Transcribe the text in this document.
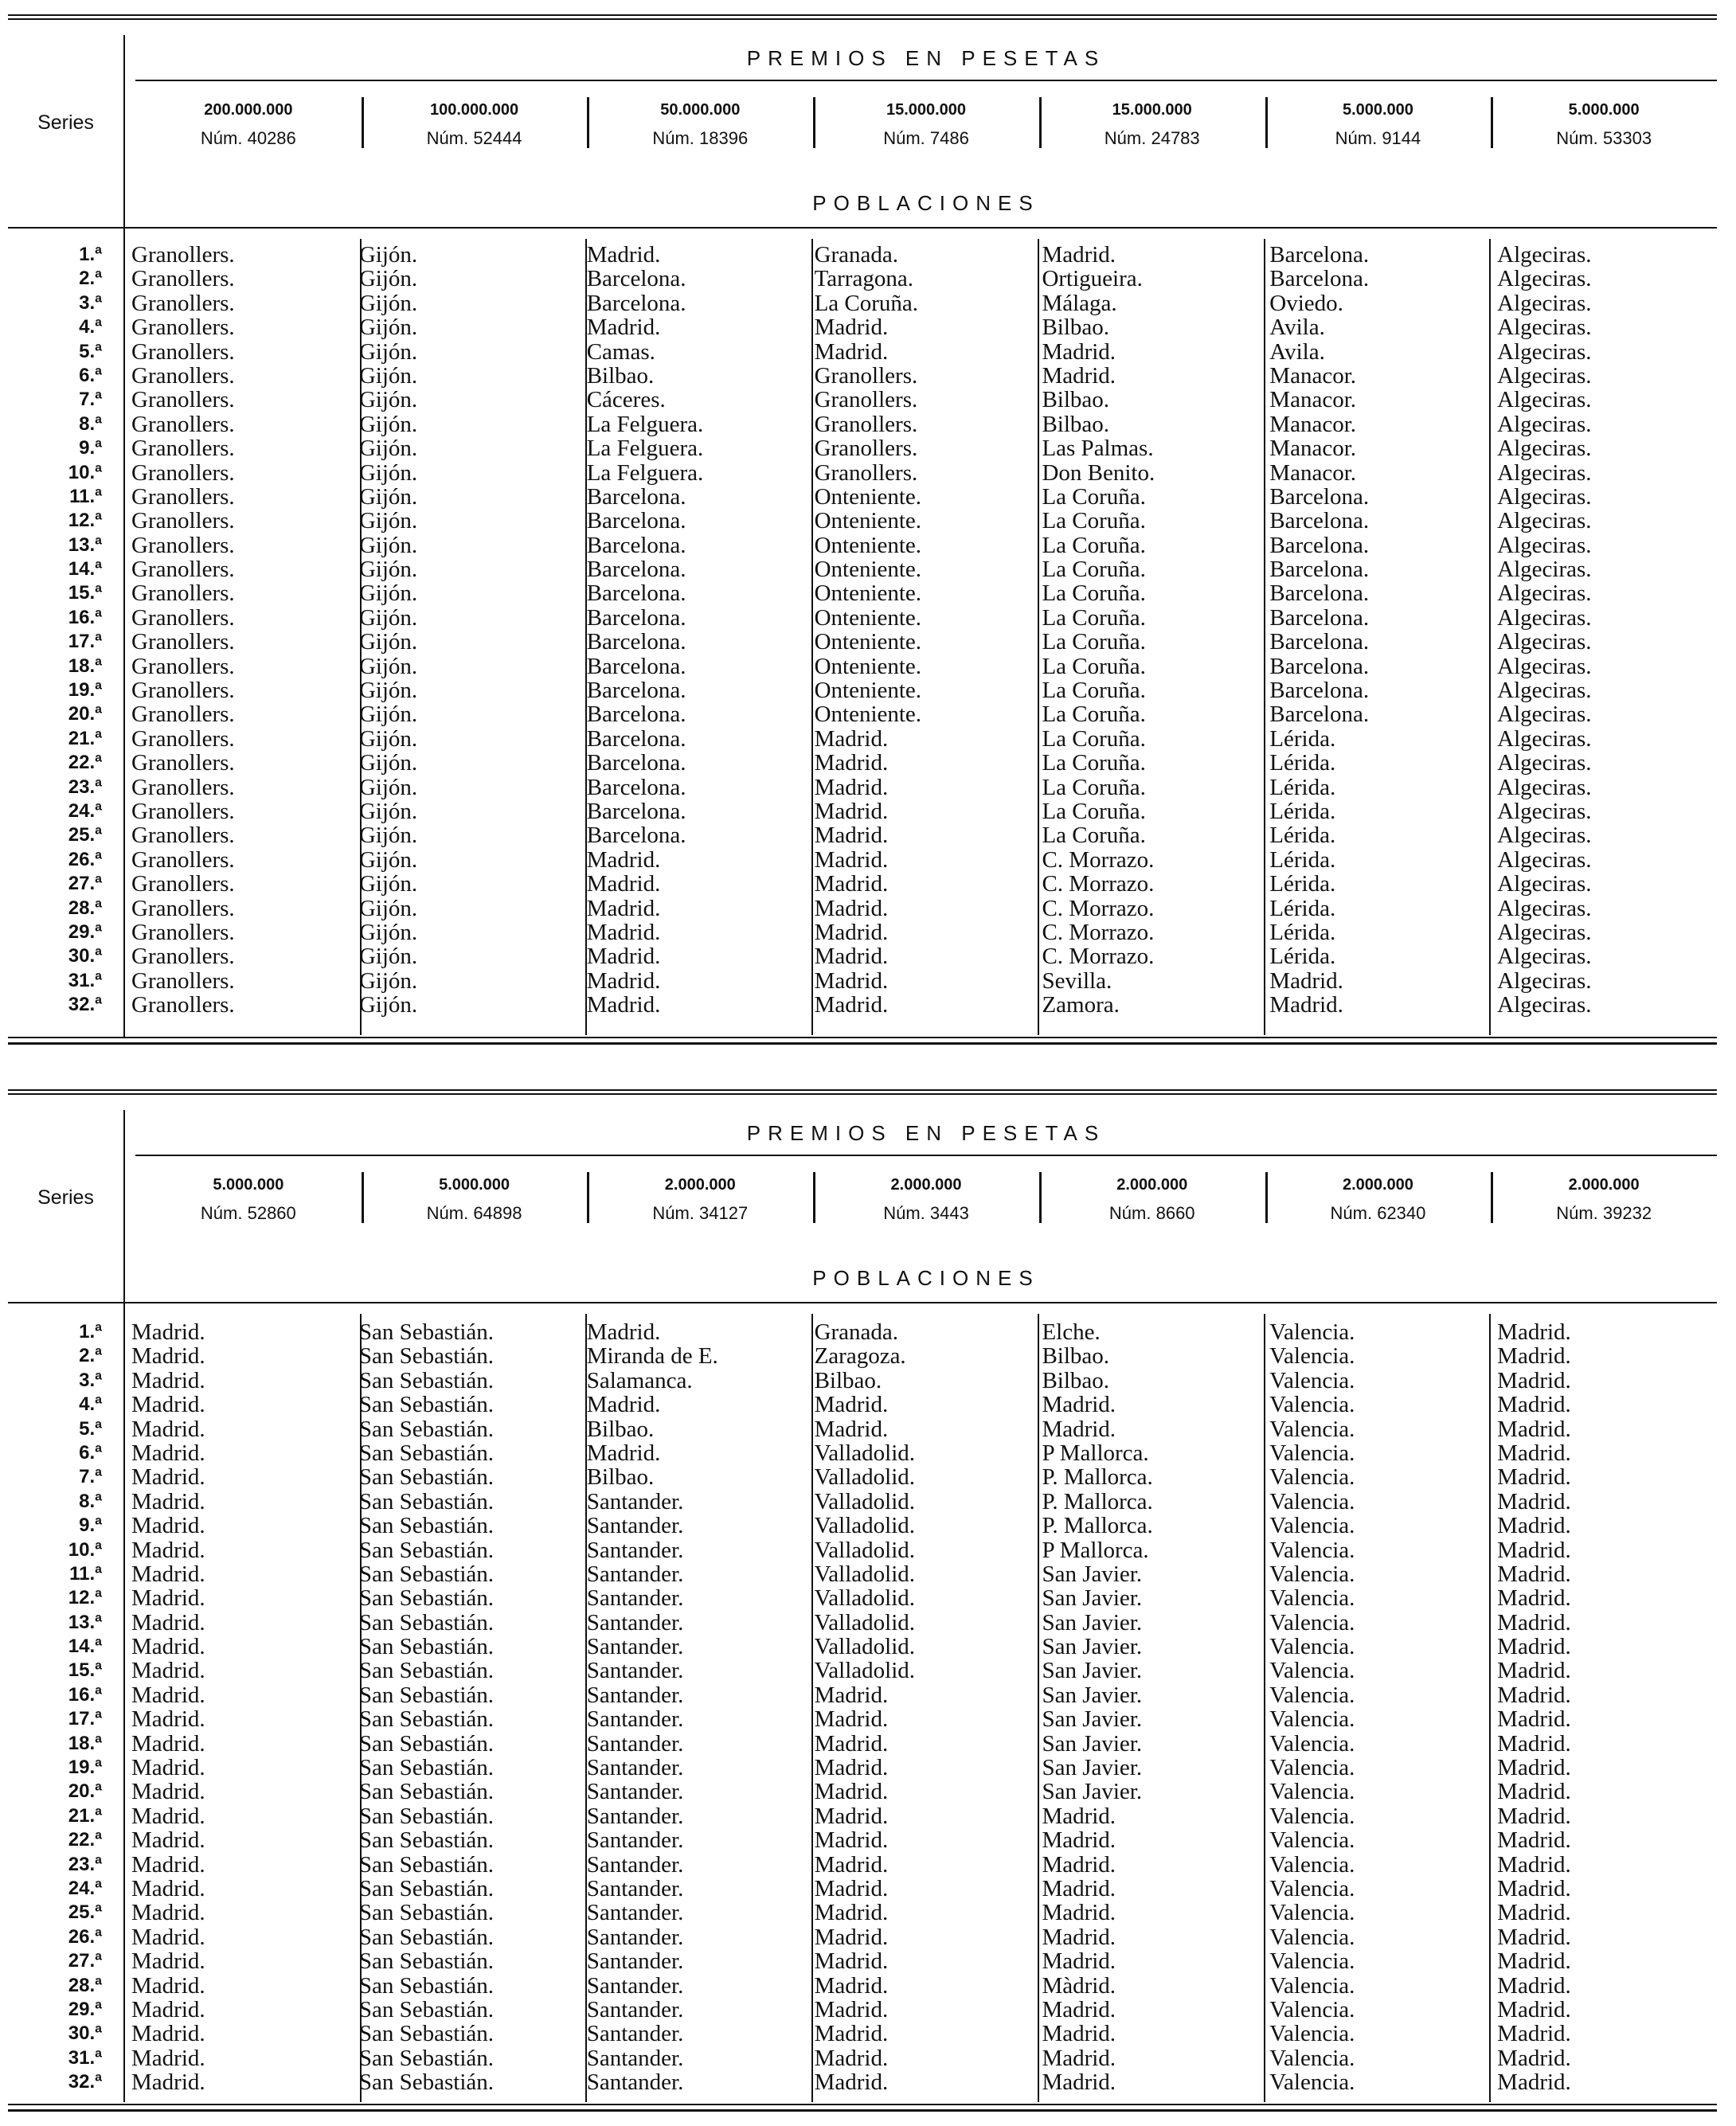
Series
PREMIOS EN PESETAS
200.000.000
Núm. 40286
100.000.000
Núm. 52444
50.000.000
Núm. 18396
15.000.000
Núm. 7486
15.000.000
Núm. 24783
5.000.000
Núm. 9144
5.000.000
Núm. 53303
POBLACIONES
1.ª	Granollers.	Gijón.	Madrid.	Granada.	Madrid.	Barcelona.	Algeciras.
2.ª	Granollers.	Gijón.	Barcelona.	Tarragona.	Ortigueira.	Barcelona.	Algeciras.
3.ª	Granollers.	Gijón.	Barcelona.	La Coruña.	Málaga.	Oviedo.	Algeciras.
4.ª	Granollers.	Gijón.	Madrid.	Madrid.	Bilbao.	Avila.	Algeciras.
5.ª	Granollers.	Gijón.	Camas.	Madrid.	Madrid.	Avila.	Algeciras.
6.ª	Granollers.	Gijón.	Bilbao.	Granollers.	Madrid.	Manacor.	Algeciras.
7.ª	Granollers.	Gijón.	Cáceres.	Granollers.	Bilbao.	Manacor.	Algeciras.
8.ª	Granollers.	Gijón.	La Felguera.	Granollers.	Bilbao.	Manacor.	Algeciras.
9.ª	Granollers.	Gijón.	La Felguera.	Granollers.	Las Palmas.	Manacor.	Algeciras.
10.ª	Granollers.	Gijón.	La Felguera.	Granollers.	Don Benito.	Manacor.	Algeciras.
11.ª	Granollers.	Gijón.	Barcelona.	Onteniente.	La Coruña.	Barcelona.	Algeciras.
12.ª	Granollers.	Gijón.	Barcelona.	Onteniente.	La Coruña.	Barcelona.	Algeciras.
13.ª	Granollers.	Gijón.	Barcelona.	Onteniente.	La Coruña.	Barcelona.	Algeciras.
14.ª	Granollers.	Gijón.	Barcelona.	Onteniente.	La Coruña.	Barcelona.	Algeciras.
15.ª	Granollers.	Gijón.	Barcelona.	Onteniente.	La Coruña.	Barcelona.	Algeciras.
16.ª	Granollers.	Gijón.	Barcelona.	Onteniente.	La Coruña.	Barcelona.	Algeciras.
17.ª	Granollers.	Gijón.	Barcelona.	Onteniente.	La Coruña.	Barcelona.	Algeciras.
18.ª	Granollers.	Gijón.	Barcelona.	Onteniente.	La Coruña.	Barcelona.	Algeciras.
19.ª	Granollers.	Gijón.	Barcelona.	Onteniente.	La Coruña.	Barcelona.	Algeciras.
20.ª	Granollers.	Gijón.	Barcelona.	Onteniente.	La Coruña.	Barcelona.	Algeciras.
21.ª	Granollers.	Gijón.	Barcelona.	Madrid.	La Coruña.	Lérida.	Algeciras.
22.ª	Granollers.	Gijón.	Barcelona.	Madrid.	La Coruña.	Lérida.	Algeciras.
23.ª	Granollers.	Gijón.	Barcelona.	Madrid.	La Coruña.	Lérida.	Algeciras.
24.ª	Granollers.	Gijón.	Barcelona.	Madrid.	La Coruña.	Lérida.	Algeciras.
25.ª	Granollers.	Gijón.	Barcelona.	Madrid.	La Coruña.	Lérida.	Algeciras.
26.ª	Granollers.	Gijón.	Madrid.	Madrid.	C. Morrazo.	Lérida.	Algeciras.
27.ª	Granollers.	Gijón.	Madrid.	Madrid.	C. Morrazo.	Lérida.	Algeciras.
28.ª	Granollers.	Gijón.	Madrid.	Madrid.	C. Morrazo.	Lérida.	Algeciras.
29.ª	Granollers.	Gijón.	Madrid.	Madrid.	C. Morrazo.	Lérida.	Algeciras.
30.ª	Granollers.	Gijón.	Madrid.	Madrid.	C. Morrazo.	Lérida.	Algeciras.
31.ª	Granollers.	Gijón.	Madrid.	Madrid.	Sevilla.	Madrid.	Algeciras.
32.ª	Granollers.	Gijón.	Madrid.	Madrid.	Zamora.	Madrid.	Algeciras.
Series
PREMIOS EN PESETAS
5.000.000
Núm. 52860
5.000.000
Núm. 64898
2.000.000
Núm. 34127
2.000.000
Núm. 3443
2.000.000
Núm. 8660
2.000.000
Núm. 62340
2.000.000
Núm. 39232
POBLACIONES
1.ª	Madrid.	San Sebastián.	Madrid.	Granada.	Elche.	Valencia.	Madrid.
2.ª	Madrid.	San Sebastián.	Miranda de E.	Zaragoza.	Bilbao.	Valencia.	Madrid.
3.ª	Madrid.	San Sebastián.	Salamanca.	Bilbao.	Bilbao.	Valencia.	Madrid.
4.ª	Madrid.	San Sebastián.	Madrid.	Madrid.	Madrid.	Valencia.	Madrid.
5.ª	Madrid.	San Sebastián.	Bilbao.	Madrid.	Madrid.	Valencia.	Madrid.
6.ª	Madrid.	San Sebastián.	Madrid.	Valladolid.	P Mallorca.	Valencia.	Madrid.
7.ª	Madrid.	San Sebastián.	Bilbao.	Valladolid.	P. Mallorca.	Valencia.	Madrid.
8.ª	Madrid.	San Sebastián.	Santander.	Valladolid.	P. Mallorca.	Valencia.	Madrid.
9.ª	Madrid.	San Sebastián.	Santander.	Valladolid.	P. Mallorca.	Valencia.	Madrid.
10.ª	Madrid.	San Sebastián.	Santander.	Valladolid.	P Mallorca.	Valencia.	Madrid.
11.ª	Madrid.	San Sebastián.	Santander.	Valladolid.	San Javier.	Valencia.	Madrid.
12.ª	Madrid.	San Sebastián.	Santander.	Valladolid.	San Javier.	Valencia.	Madrid.
13.ª	Madrid.	San Sebastián.	Santander.	Valladolid.	San Javier.	Valencia.	Madrid.
14.ª	Madrid.	San Sebastián.	Santander.	Valladolid.	San Javier.	Valencia.	Madrid.
15.ª	Madrid.	San Sebastián.	Santander.	Valladolid.	San Javier.	Valencia.	Madrid.
16.ª	Madrid.	San Sebastián.	Santander.	Madrid.	San Javier.	Valencia.	Madrid.
17.ª	Madrid.	San Sebastián.	Santander.	Madrid.	San Javier.	Valencia.	Madrid.
18.ª	Madrid.	San Sebastián.	Santander.	Madrid.	San Javier.	Valencia.	Madrid.
19.ª	Madrid.	San Sebastián.	Santander.	Madrid.	San Javier.	Valencia.	Madrid.
20.ª	Madrid.	San Sebastián.	Santander.	Madrid.	San Javier.	Valencia.	Madrid.
21.ª	Madrid.	San Sebastián.	Santander.	Madrid.	Madrid.	Valencia.	Madrid.
22.ª	Madrid.	San Sebastián.	Santander.	Madrid.	Madrid.	Valencia.	Madrid.
23.ª	Madrid.	San Sebastián.	Santander.	Madrid.	Madrid.	Valencia.	Madrid.
24.ª	Madrid.	San Sebastián.	Santander.	Madrid.	Madrid.	Valencia.	Madrid.
25.ª	Madrid.	San Sebastián.	Santander.	Madrid.	Madrid.	Valencia.	Madrid.
26.ª	Madrid.	San Sebastián.	Santander.	Madrid.	Madrid.	Valencia.	Madrid.
27.ª	Madrid.	San Sebastián.	Santander.	Madrid.	Madrid.	Valencia.	Madrid.
28.ª	Madrid.	San Sebastián.	Santander.	Madrid.	Màdrid.	Valencia.	Madrid.
29.ª	Madrid.	San Sebastián.	Santander.	Madrid.	Madrid.	Valencia.	Madrid.
30.ª	Madrid.	San Sebastián.	Santander.	Madrid.	Madrid.	Valencia.	Madrid.
31.ª	Madrid.	San Sebastián.	Santander.	Madrid.	Madrid.	Valencia.	Madrid.
32.ª	Madrid.	San Sebastián.	Santander.	Madrid.	Madrid.	Valencia.	Madrid.
